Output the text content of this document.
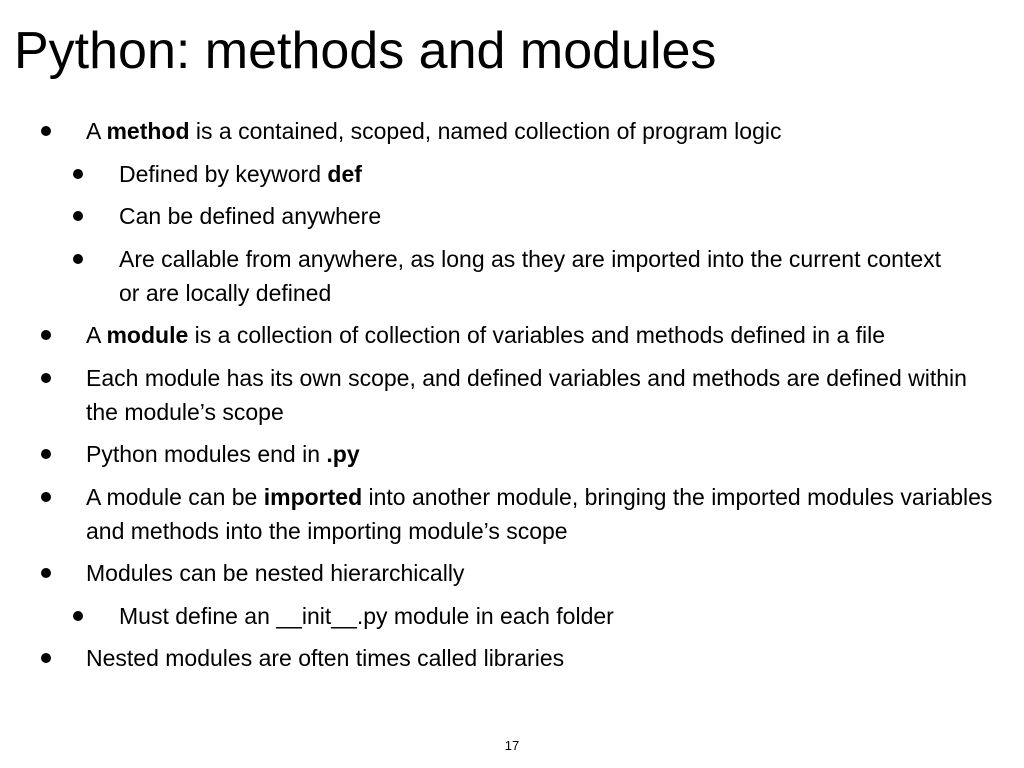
Python: methods and modules
A method is a contained, scoped, named collection of program logic
Defined by keyword def
Can be defined anywhere
Are callable from anywhere, as long as they are imported into the current context or are locally defined
A module is a collection of collection of variables and methods defined in a file
Each module has its own scope, and defined variables and methods are defined within the module’s scope
Python modules end in .py
A module can be imported into another module, bringing the imported modules variables and methods into the importing module’s scope
Modules can be nested hierarchically
Must define an __init__.py module in each folder
Nested modules are often times called libraries
17
